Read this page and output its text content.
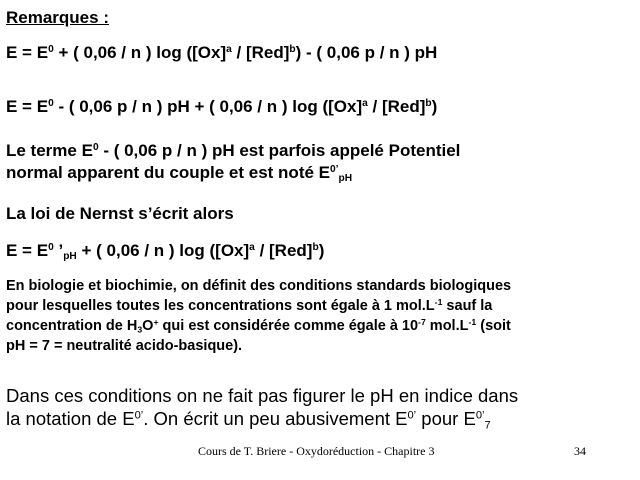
Remarques :
$E = E^0$ + ( 0,06 / n ) $\log ([Ox]^a / [Red]^b)$ - ( 0,06 p / n ) pH
$E = E^0$ - ( 0,06 p / n ) pH + ( 0,06 / n ) $\log ([Ox]^a / [Red]^b)$
Le terme $E^0$ - ( 0,06 p / n ) pH est parfois appelé Potentiel
normal apparent du couple et est noté $E^{0’}_{pH}$
La loi de Nernst s’écrit alors
$E = E^0$ $’_{pH}$ + ( 0,06 / n ) $\log ([Ox]^a / [Red]^b)$
En biologie et biochimie, on définit des conditions standards biologiques
pour lesquelles toutes les concentrations sont égale à 1 $mol.L^{-1}$ sauf la
concentration de $H_3O^+$ qui est considérée comme égale à $10^{-7}$ $mol.L^{-1}$ (soit
pH = 7 = neutralité acido-basique).
Dans ces conditions on ne fait pas figurer le pH en indice dans
la notation de $E^{0’}$. On écrit un peu abusivement $E^{0’}$ pour $E^{0’}_7$
Cours de T. Briere - Oxydoréduction - Chapitre 3	34
